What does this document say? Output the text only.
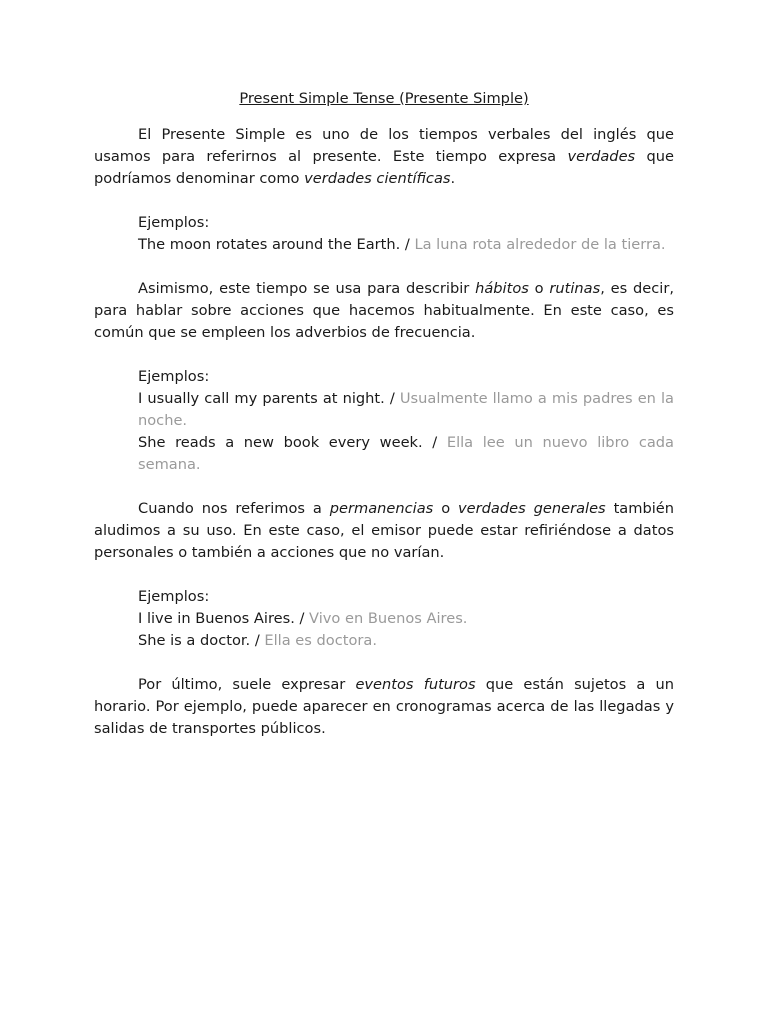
Present Simple Tense (Presente Simple)

El Presente Simple es uno de los tiempos verbales del inglés que usamos para referirnos al presente. Este tiempo expresa verdades que podríamos denominar como verdades científicas.

Ejemplos:
The moon rotates around the Earth. / La luna rota alrededor de la tierra.

Asimismo, este tiempo se usa para describir hábitos o rutinas, es decir, para hablar sobre acciones que hacemos habitualmente. En este caso, es común que se empleen los adverbios de frecuencia.

Ejemplos:
I usually call my parents at night. / Usualmente llamo a mis padres en la noche.
She reads a new book every week. / Ella lee un nuevo libro cada semana.

Cuando nos referimos a permanencias o verdades generales también aludimos a su uso. En este caso, el emisor puede estar refiriéndose a datos personales o también a acciones que no varían.

Ejemplos:
I live in Buenos Aires. / Vivo en Buenos Aires.
She is a doctor. / Ella es doctora.

Por último, suele expresar eventos futuros que están sujetos a un horario. Por ejemplo, puede aparecer en cronogramas acerca de las llegadas y salidas de transportes públicos.
